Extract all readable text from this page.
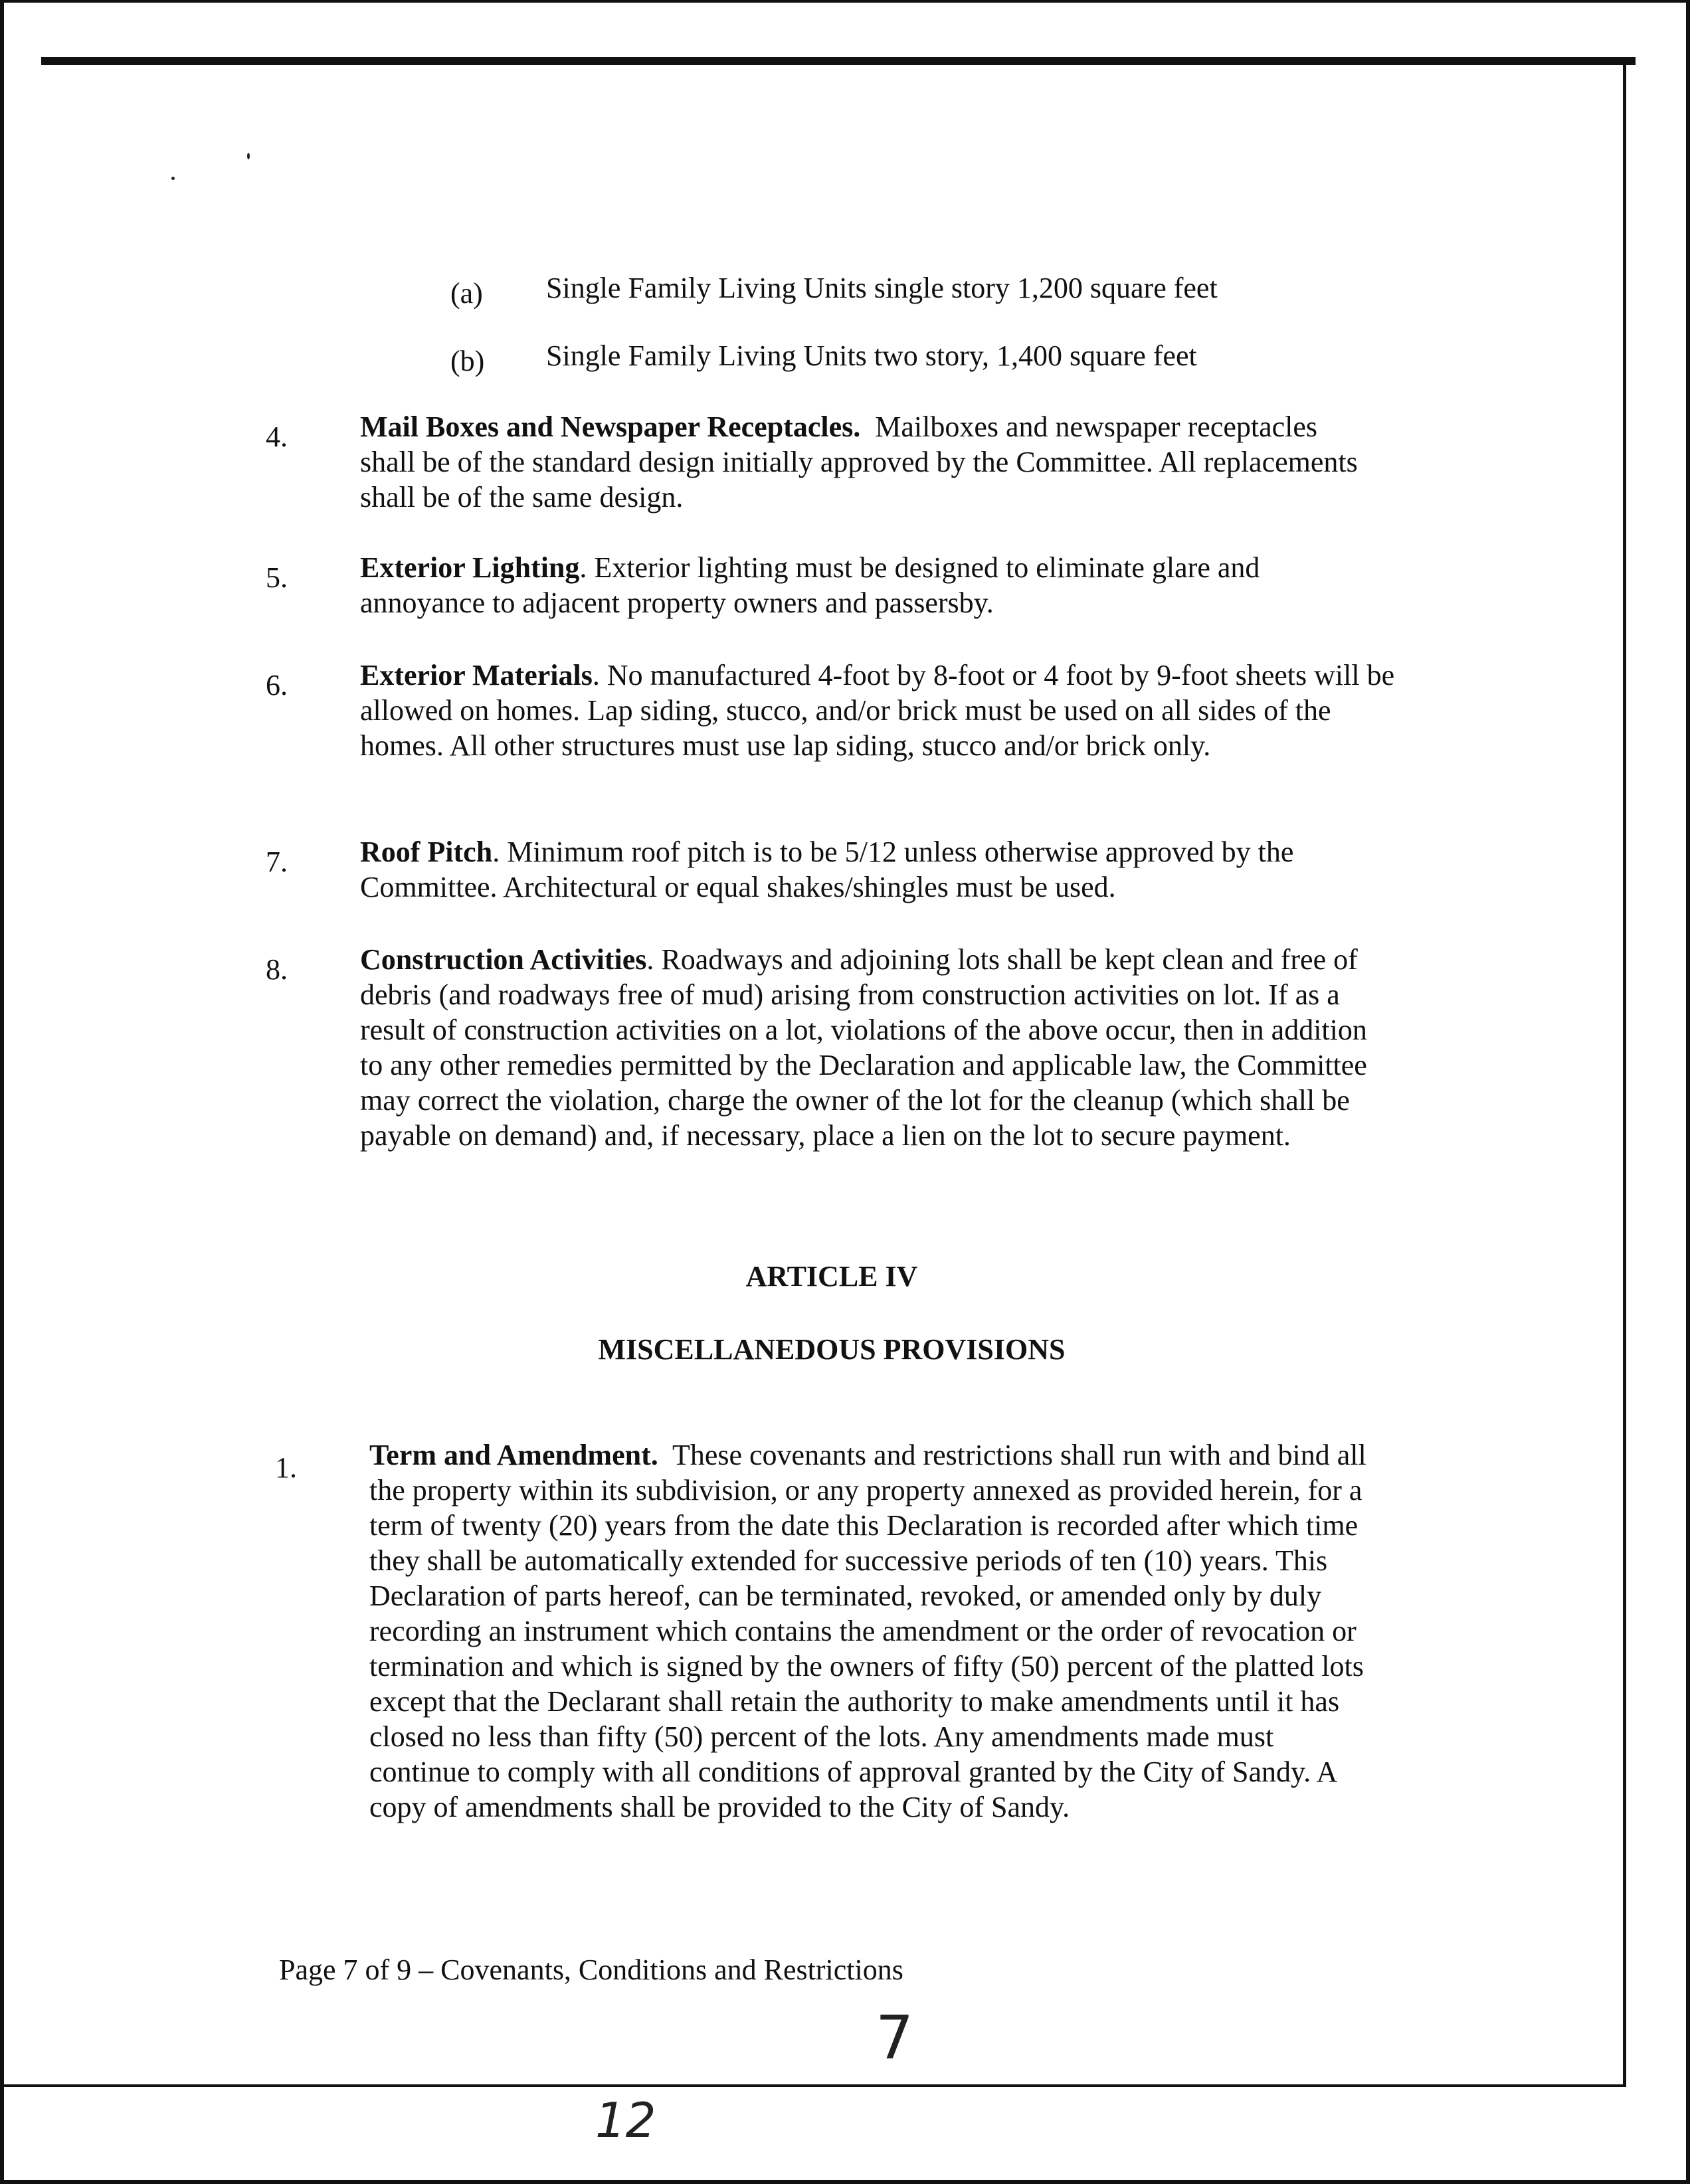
(a) Single Family Living Units single story 1,200 square feet
(b) Single Family Living Units two story, 1,400 square feet
4. Mail Boxes and Newspaper Receptacles. Mailboxes and newspaper receptacles shall be of the standard design initially approved by the Committee. All replacements shall be of the same design.
5. Exterior Lighting. Exterior lighting must be designed to eliminate glare and annoyance to adjacent property owners and passersby.
6. Exterior Materials. No manufactured 4-foot by 8-foot or 4 foot by 9-foot sheets will be allowed on homes. Lap siding, stucco, and/or brick must be used on all sides of the homes. All other structures must use lap siding, stucco and/or brick only.
7. Roof Pitch. Minimum roof pitch is to be 5/12 unless otherwise approved by the Committee. Architectural or equal shakes/shingles must be used.
8. Construction Activities. Roadways and adjoining lots shall be kept clean and free of debris (and roadways free of mud) arising from construction activities on lot. If as a result of construction activities on a lot, violations of the above occur, then in addition to any other remedies permitted by the Declaration and applicable law, the Committee may correct the violation, charge the owner of the lot for the cleanup (which shall be payable on demand) and, if necessary, place a lien on the lot to secure payment.
ARTICLE IV
MISCELLANEDOUS PROVISIONS
1. Term and Amendment. These covenants and restrictions shall run with and bind all the property within its subdivision, or any property annexed as provided herein, for a term of twenty (20) years from the date this Declaration is recorded after which time they shall be automatically extended for successive periods of ten (10) years. This Declaration of parts hereof, can be terminated, revoked, or amended only by duly recording an instrument which contains the amendment or the order of revocation or termination and which is signed by the owners of fifty (50) percent of the platted lots except that the Declarant shall retain the authority to make amendments until it has closed no less than fifty (50) percent of the lots. Any amendments made must continue to comply with all conditions of approval granted by the City of Sandy. A copy of amendments shall be provided to the City of Sandy.
Page 7 of 9 – Covenants, Conditions and Restrictions
7
12
